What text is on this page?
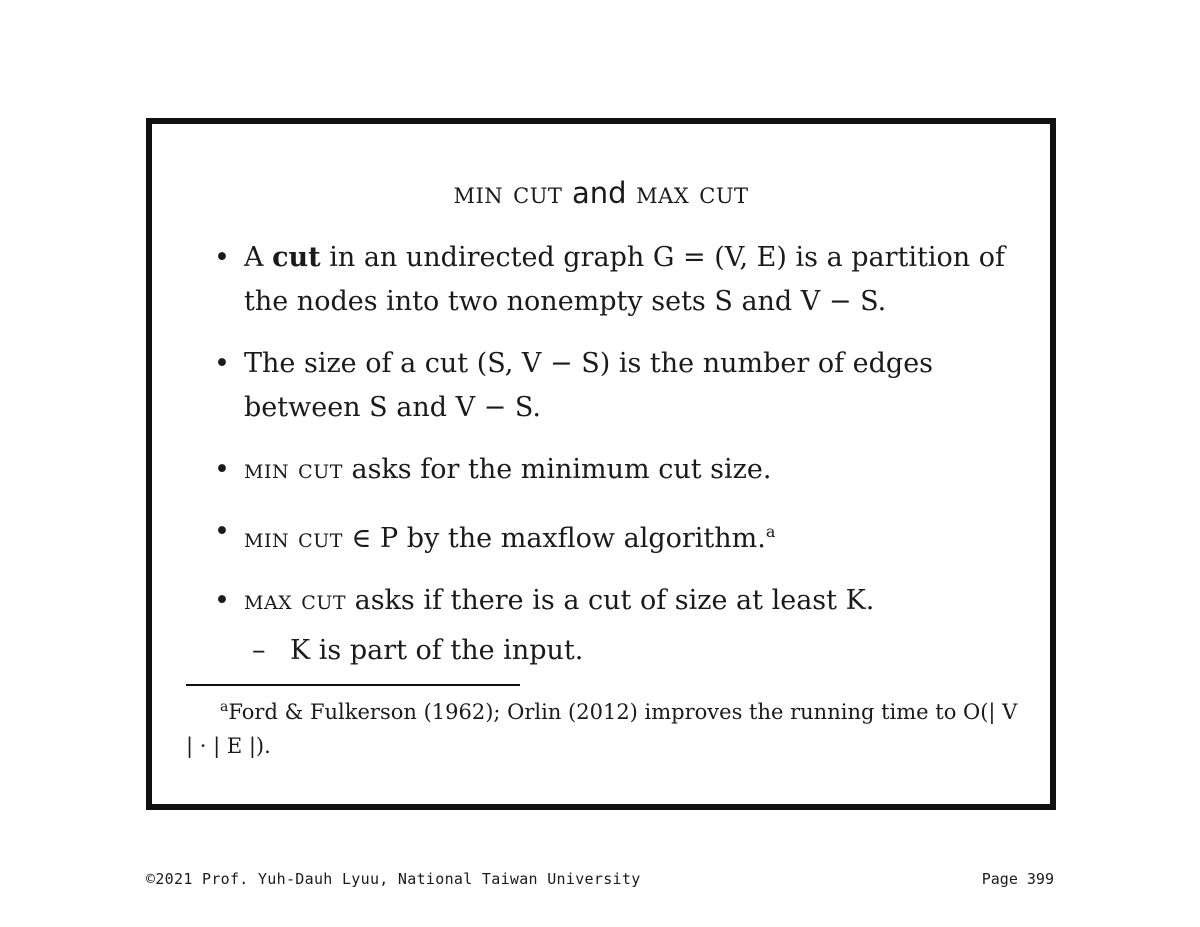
min cut and max cut
• A cut in an undirected graph G = (V, E) is a partition of the nodes into two nonempty sets S and V − S.
• The size of a cut (S, V − S) is the number of edges between S and V − S.
• min cut asks for the minimum cut size.
• min cut ∈ P by the maxflow algorithm.$^a$
• max cut asks if there is a cut of size at least K.
– K is part of the input.
$^a$Ford & Fulkerson (1962); Orlin (2012) improves the running time to O(| V | · | E |).
©2021 Prof. Yuh-Dauh Lyuu, National Taiwan University	Page 399
